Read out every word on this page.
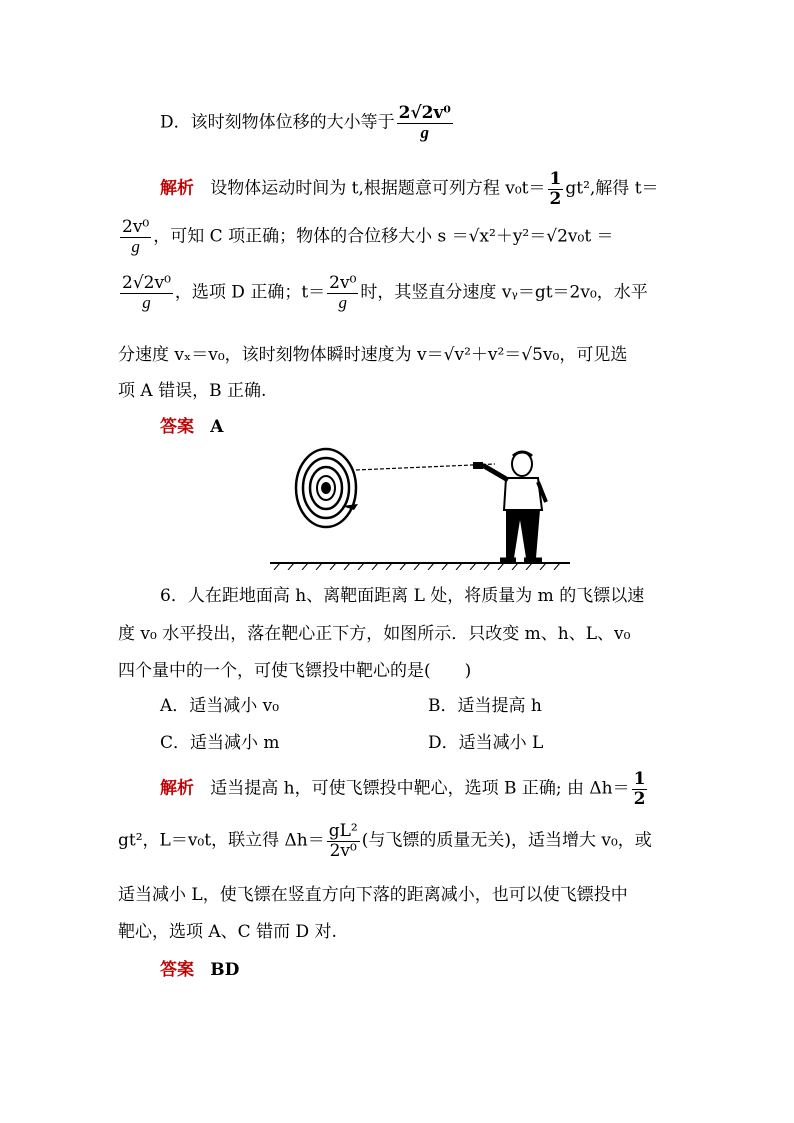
D．该时刻物体位移的大小等于 $\frac{\text{2√2v⁰}}{g}$
解析 设物体运动时间为 t,根据题意可列方程 $v_0t= \frac{1}{2} gt^2$,解得 t＝
$\frac{\text{2v⁰}}{g}$ ，可知 C 项正确；物体的合位移大小 s ＝√x²＋y²＝√2v₀t ＝
$\frac{\text{2√2v⁰}}{g}$ ，选项 D 正确；$t= \frac{\text{2v⁰}}{g}$ 时，其竖直分速度 vᵧ＝gt＝2v₀，水平
分速度 vₓ＝v₀，该时刻物体瞬时速度为 v＝√v²＋v²＝√5v₀，可见选
项 A 错误，B 正确.
答案 A
6．人在距地面高 h、离靶面距离 L 处，将质量为 m 的飞镖以速
度 v₀ 水平投出，落在靶心正下方，如图所示．只改变 m、h、L、v₀
四个量中的一个，可使飞镖投中靶心的是(　　)
A．适当减小 v₀	B．适当提高 h
C．适当减小 m	D．适当减小 L
解析 适当提高 h，可使飞镖投中靶心，选项 B 正确; 由 $\Delta h= \frac{1}{2}$
gt²，L＝v₀t，联立得 $\Delta h= \frac{\text{gL²}}{\text{2v⁰}}$ (与飞镖的质量无关)，适当增大 v₀，或
适当减小 L，使飞镖在竖直方向下落的距离减小，也可以使飞镖投中
靶心，选项 A、C 错而 D 对.
答案 BD
